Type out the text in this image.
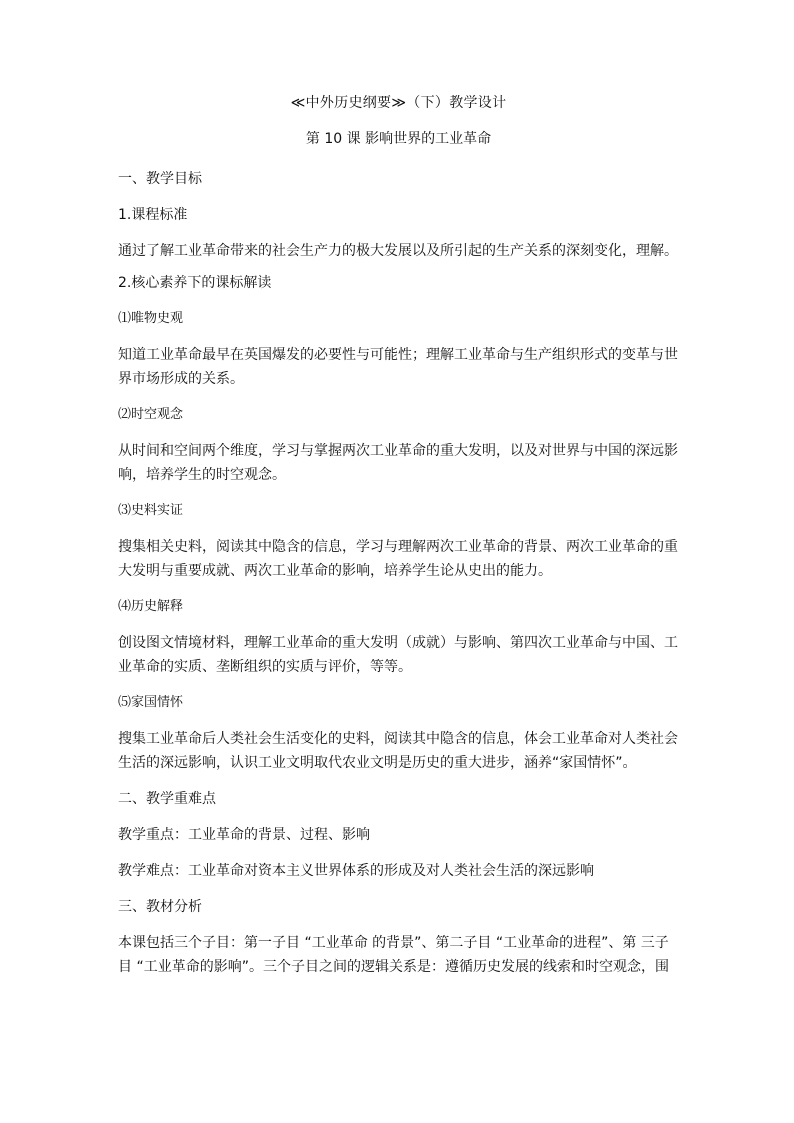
≪中外历史纲要≫（下）教学设计
第 10 课 影响世界的工业革命

一、教学目标

1.课程标准

通过了解工业革命带来的社会生产力的极大发展以及所引起的生产关系的深刻变化，理解。

2.核心素养下的课标解读

⑴唯物史观

知道工业革命最早在英国爆发的必要性与可能性；理解工业革命与生产组织形式的变革与世界市场形成的关系。

⑵时空观念

从时间和空间两个维度，学习与掌握两次工业革命的重大发明，以及对世界与中国的深远影响，培养学生的时空观念。

⑶史料实证

搜集相关史料，阅读其中隐含的信息，学习与理解两次工业革命的背景、两次工业革命的重大发明与重要成就、两次工业革命的影响，培养学生论从史出的能力。

⑷历史解释

创设图文情境材料，理解工业革命的重大发明（成就）与影响、第四次工业革命与中国、工业革命的实质、垄断组织的实质与评价，等等。

⑸家国情怀

搜集工业革命后人类社会生活变化的史料，阅读其中隐含的信息，体会工业革命对人类社会生活的深远影响，认识工业文明取代农业文明是历史的重大进步，涵养“家国情怀”。

二、教学重难点

教学重点：工业革命的背景、过程、影响

教学难点：工业革命对资本主义世界体系的形成及对人类社会生活的深远影响

三、教材分析

本课包括三个子目：第一子目 “工业革命 的背景”、第二子目 “工业革命的进程”、第 三子目 “工业革命的影响”。三个子目之间的逻辑关系是：遵循历史发展的线索和时空观念，围
